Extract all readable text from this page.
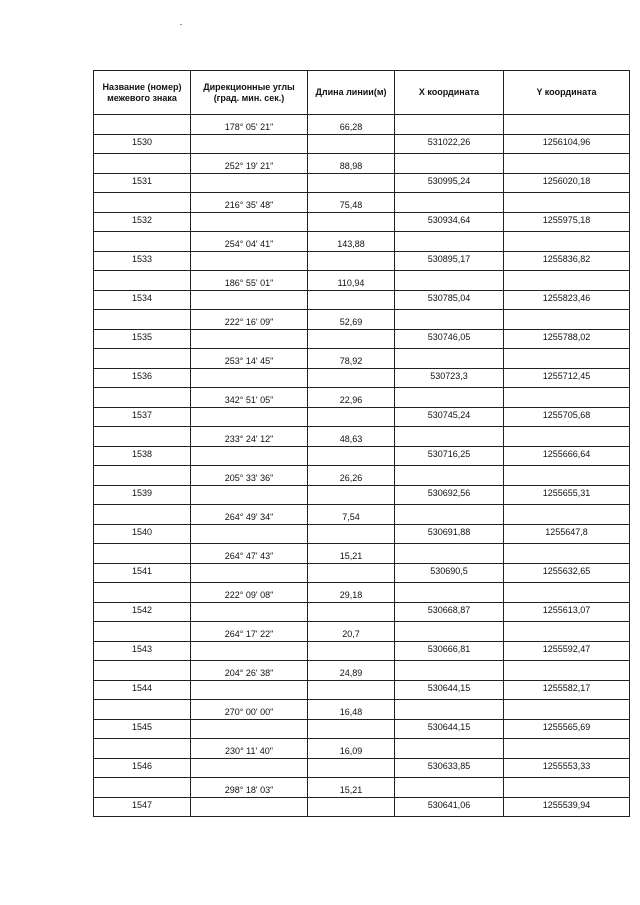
Название (номер) межевого знака	Дирекционные углы (град. мин. сек.)	Длина линии(м)	X координата	Y координата
	178° 05' 21"	66,28		
1530			531022,26	1256104,96
	252° 19' 21"	88,98		
1531			530995,24	1256020,18
	216° 35' 48"	75,48		
1532			530934,64	1255975,18
	254° 04' 41"	143,88		
1533			530895,17	1255836,82
	186° 55' 01"	110,94		
1534			530785,04	1255823,46
	222° 16' 09"	52,69		
1535			530746,05	1255788,02
	253° 14' 45"	78,92		
1536			530723,3	1255712,45
	342° 51' 05"	22,96		
1537			530745,24	1255705,68
	233° 24' 12"	48,63		
1538			530716,25	1255666,64
	205° 33' 36"	26,26		
1539			530692,56	1255655,31
	264° 49' 34"	7,54		
1540			530691,88	1255647,8
	264° 47' 43"	15,21		
1541			530690,5	1255632,65
	222° 09' 08"	29,18		
1542			530668,87	1255613,07
	264° 17' 22"	20,7		
1543			530666,81	1255592,47
	204° 26' 38"	24,89		
1544			530644,15	1255582,17
	270° 00' 00"	16,48		
1545			530644,15	1255565,69
	230° 11' 40"	16,09		
1546			530633,85	1255553,33
	298° 18' 03"	15,21		
1547			530641,06	1255539,94
